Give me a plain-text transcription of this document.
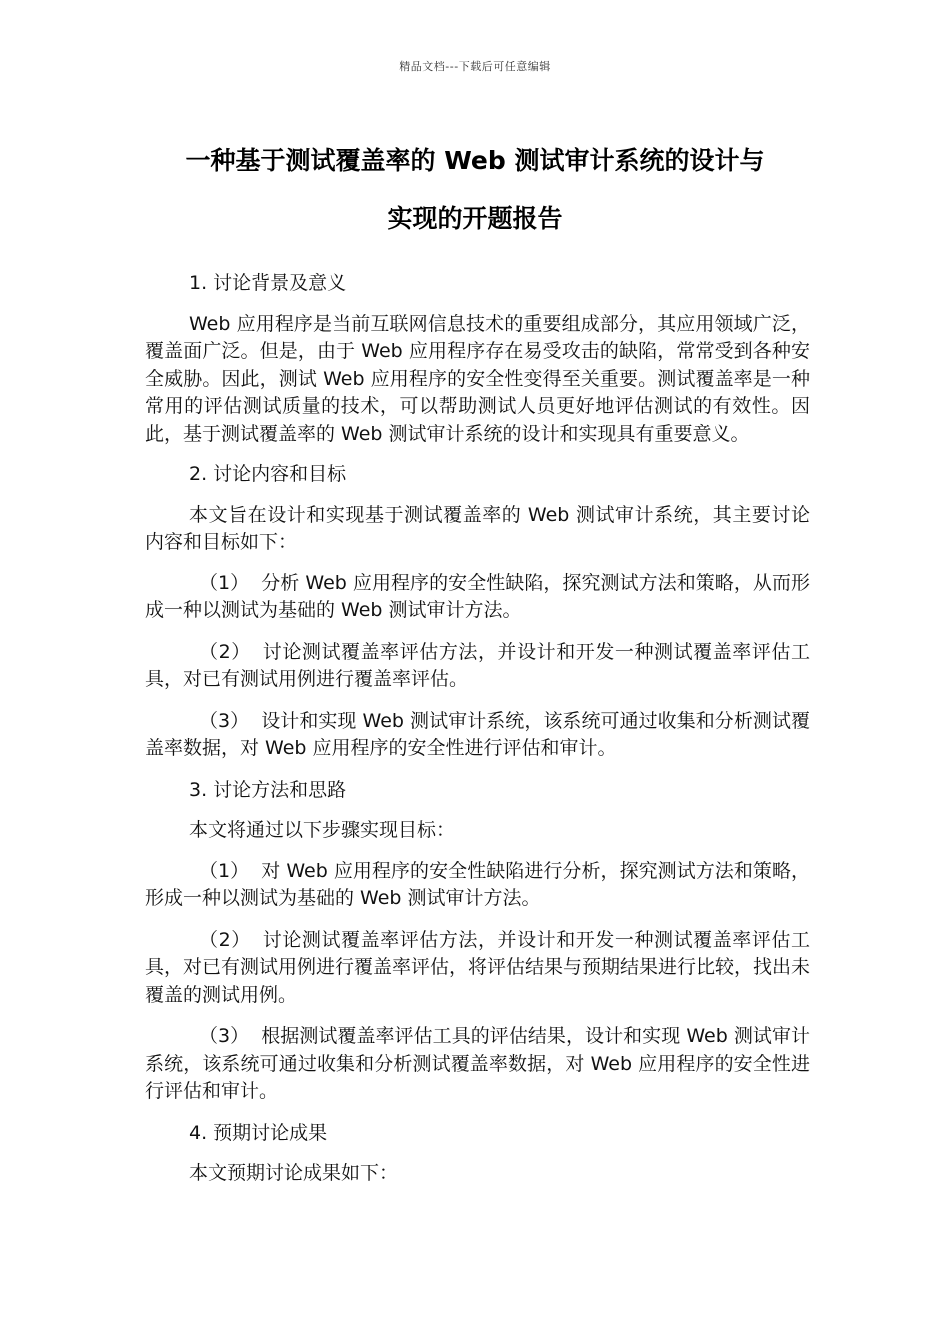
精品文档---下载后可任意编辑
一种基于测试覆盖率的 Web 测试审计系统的设计与
实现的开题报告
1. 讨论背景及意义
Web 应用程序是当前互联网信息技术的重要组成部分，其应用领域广泛，覆盖面广泛。但是，由于 Web 应用程序存在易受攻击的缺陷，常常受到各种安全威胁。因此，测试 Web 应用程序的安全性变得至关重要。测试覆盖率是一种常用的评估测试质量的技术，可以帮助测试人员更好地评估测试的有效性。因此，基于测试覆盖率的 Web 测试审计系统的设计和实现具有重要意义。
2. 讨论内容和目标
本文旨在设计和实现基于测试覆盖率的 Web 测试审计系统，其主要讨论内容和目标如下：
（1） 分析 Web 应用程序的安全性缺陷，探究测试方法和策略，从而形成一种以测试为基础的 Web 测试审计方法。
（2） 讨论测试覆盖率评估方法，并设计和开发一种测试覆盖率评估工具，对已有测试用例进行覆盖率评估。
（3） 设计和实现 Web 测试审计系统，该系统可通过收集和分析测试覆盖率数据，对 Web 应用程序的安全性进行评估和审计。
3. 讨论方法和思路
本文将通过以下步骤实现目标：
（1） 对 Web 应用程序的安全性缺陷进行分析，探究测试方法和策略，形成一种以测试为基础的 Web 测试审计方法。
（2） 讨论测试覆盖率评估方法，并设计和开发一种测试覆盖率评估工具，对已有测试用例进行覆盖率评估，将评估结果与预期结果进行比较，找出未覆盖的测试用例。
（3） 根据测试覆盖率评估工具的评估结果，设计和实现 Web 测试审计系统，该系统可通过收集和分析测试覆盖率数据，对 Web 应用程序的安全性进行评估和审计。
4. 预期讨论成果
本文预期讨论成果如下：
